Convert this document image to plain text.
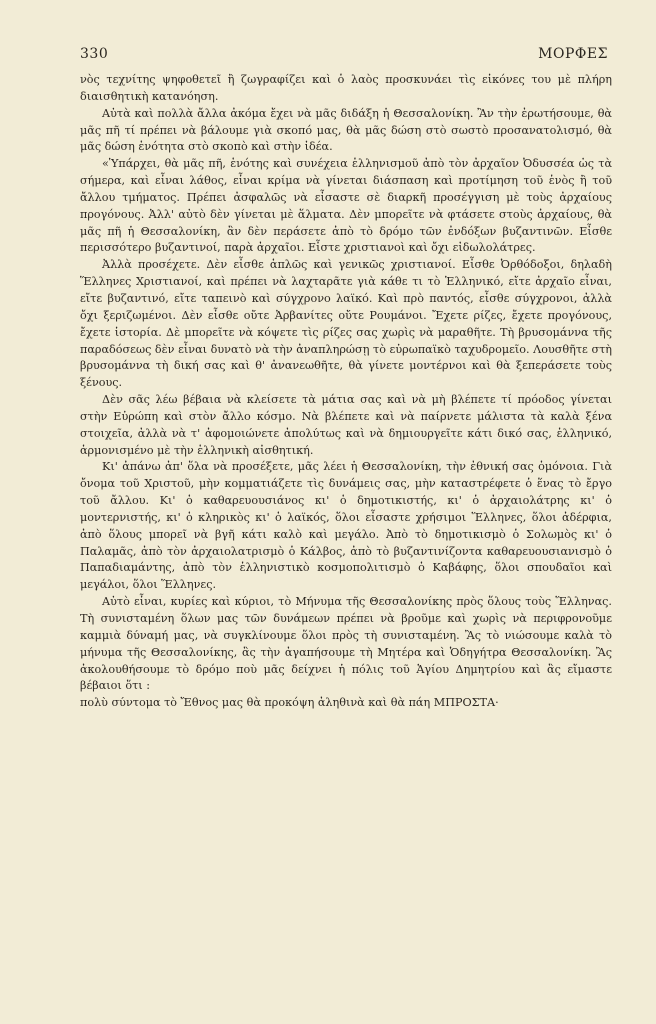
330	ΜΟΡΦΕΣ

νὸς τεχνίτης ψηφοθετεῖ ἢ ζωγραφίζει καὶ ὁ λαὸς προσκυνάει τὶς εἰκόνες του μὲ πλήρη διαισθητικὴ κατανόηση.

Αὐτὰ καὶ πολλὰ ἄλλα ἀκόμα ἔχει νὰ μᾶς διδάξη ἡ Θεσσαλονίκη. Ἂν τὴν ἐρωτήσουμε, θὰ μᾶς πῆ τί πρέπει νὰ βάλουμε γιὰ σκοπό μας, θὰ μᾶς δώση στὸ σωστὸ προσανατολισμό, θὰ μᾶς δώση ἑνότητα στὸ σκοπὸ καὶ στὴν ἰδέα.

«Ὑπάρχει, θὰ μᾶς πῆ, ἑνότης καὶ συνέχεια ἑλληνισμοῦ ἀπὸ τὸν ἀρχαῖον Ὀδυσσέα ὡς τὰ σήμερα, καὶ εἶναι λάθος, εἶναι κρίμα νὰ γίνεται διάσπαση καὶ προτίμηση τοῦ ἑνὸς ἢ τοῦ ἄλλου τμήματος. Πρέπει ἀσφαλῶς νὰ εἶσαστε σὲ διαρκῆ προσέγγιση μὲ τοὺς ἀρχαίους προγόνους. Ἀλλ' αὐτὸ δὲν γίνεται μὲ ἅλματα. Δὲν μπορεῖτε νὰ φτάσετε στοὺς ἀρχαίους, θὰ μᾶς πῆ ἡ Θεσσαλονίκη, ἂν δὲν περάσετε ἀπὸ τὸ δρόμο τῶν ἐνδόξων βυζαντινῶν. Εἶσθε περισσότερο βυζαντινοί, παρὰ ἀρχαῖοι. Εἶστε χριστιανοὶ καὶ ὄχι εἰδωλολάτρες.

Ἀλλὰ προσέχετε. Δὲν εἶσθε ἁπλῶς καὶ γενικῶς χριστιανοί. Εἶσθε Ὀρθόδοξοι, δηλαδὴ Ἕλληνες Χριστιανοί, καὶ πρέπει νὰ λαχταρᾶτε γιὰ κάθε τι τὸ Ἑλληνικό, εἴτε ἀρχαῖο εἶναι, εἴτε βυζαντινό, εἴτε ταπεινὸ καὶ σύγχρονο λαϊκό. Καὶ πρὸ παντός, εἶσθε σύγχρονοι, ἀλλὰ ὄχι ξεριζωμένοι. Δὲν εἶσθε οὔτε Ἀρβανίτες οὔτε Ρουμάνοι. Ἔχετε ρίζες, ἔχετε προγόνους, ἔχετε ἱστορία. Δὲ μπορεῖτε νὰ κόψετε τὶς ρίζες σας χωρὶς νὰ μαραθῆτε. Τὴ βρυσομάννα τῆς παραδόσεως δὲν εἶναι δυνατὸ νὰ τὴν ἀναπληρώσῃ τὸ εὐρωπαϊκὸ ταχυδρομεῖο. Λουσθῆτε στὴ βρυσομάννα τὴ δική σας καὶ θ' ἀνανεωθῆτε, θὰ γίνετε μοντέρνοι καὶ θὰ ξεπεράσετε τοὺς ξένους.

Δὲν σᾶς λέω βέβαια νὰ κλείσετε τὰ μάτια σας καὶ νὰ μὴ βλέπετε τί πρόοδος γίνεται στὴν Εὐρώπη καὶ στὸν ἄλλο κόσμο. Νὰ βλέπετε καὶ νὰ παίρνετε μάλιστα τὰ καλὰ ξένα στοιχεῖα, ἀλλὰ νὰ τ' ἀφομοιώνετε ἀπολύτως καὶ νὰ δημιουργεῖτε κάτι δικό σας, ἑλληνικό, ἁρμονισμένο μὲ τὴν ἑλληνικὴ αἰσθητική.

Κι' ἀπάνω ἀπ' ὅλα νὰ προσέξετε, μᾶς λέει ἡ Θεσσαλονίκη, τὴν ἐθνική σας ὁμόνοια. Γιὰ ὄνομα τοῦ Χριστοῦ, μὴν κομματιάζετε τὶς δυνάμεις σας, μὴν καταστρέφετε ὁ ἕνας τὸ ἔργο τοῦ ἄλλου. Κι' ὁ καθαρευουσιάνος κι' ὁ δημοτικιστής, κι' ὁ ἀρχαιολάτρης κι' ὁ μοντερνιστής, κι' ὁ κληρικὸς κι' ὁ λαϊκός, ὅλοι εἶσαστε χρήσιμοι Ἕλληνες, ὅλοι ἀδέρφια, ἀπὸ ὅλους μπορεῖ νὰ βγῆ κάτι καλὸ καὶ μεγάλο. Ἀπὸ τὸ δημοτικισμὸ ὁ Σολωμὸς κι' ὁ Παλαμᾶς, ἀπὸ τὸν ἀρχαιολατρισμὸ ὁ Κάλβος, ἀπὸ τὸ βυζαντινίζοντα καθαρευουσιανισμὸ ὁ Παπαδιαμάντης, ἀπὸ τὸν ἑλληνιστικὸ κοσμοπολιτισμὸ ὁ Καβάφης, ὅλοι σπουδαῖοι καὶ μεγάλοι, ὅλοι Ἕλληνες.

Αὐτὸ εἶναι, κυρίες καὶ κύριοι, τὸ Μήνυμα τῆς Θεσσαλονίκης πρὸς ὅλους τοὺς Ἕλληνας. Τὴ συνισταμένη ὅλων μας τῶν δυνάμεων πρέπει νὰ βροῦμε καὶ χωρὶς νὰ περιφρονοῦμε καμμιὰ δύναμή μας, νὰ συγκλίνουμε ὅλοι πρὸς τὴ συνισταμένη. Ἂς τὸ νιώσουμε καλὰ τὸ μήνυμα τῆς Θεσσαλονίκης, ἂς τὴν ἀγαπήσουμε τὴ Μητέρα καὶ Ὁδηγήτρα Θεσσαλονίκη. Ἂς ἀκολουθήσουμε τὸ δρόμο ποὺ μᾶς δείχνει ἡ πόλις τοῦ Ἁγίου Δημητρίου καὶ ἂς εἴμαστε βέβαιοι ὅτι :

πολὺ σύντομα τὸ Ἔθνος μας θὰ προκόψη ἀληθινὰ καὶ θὰ πάη ΜΠΡΟΣΤΑ·
